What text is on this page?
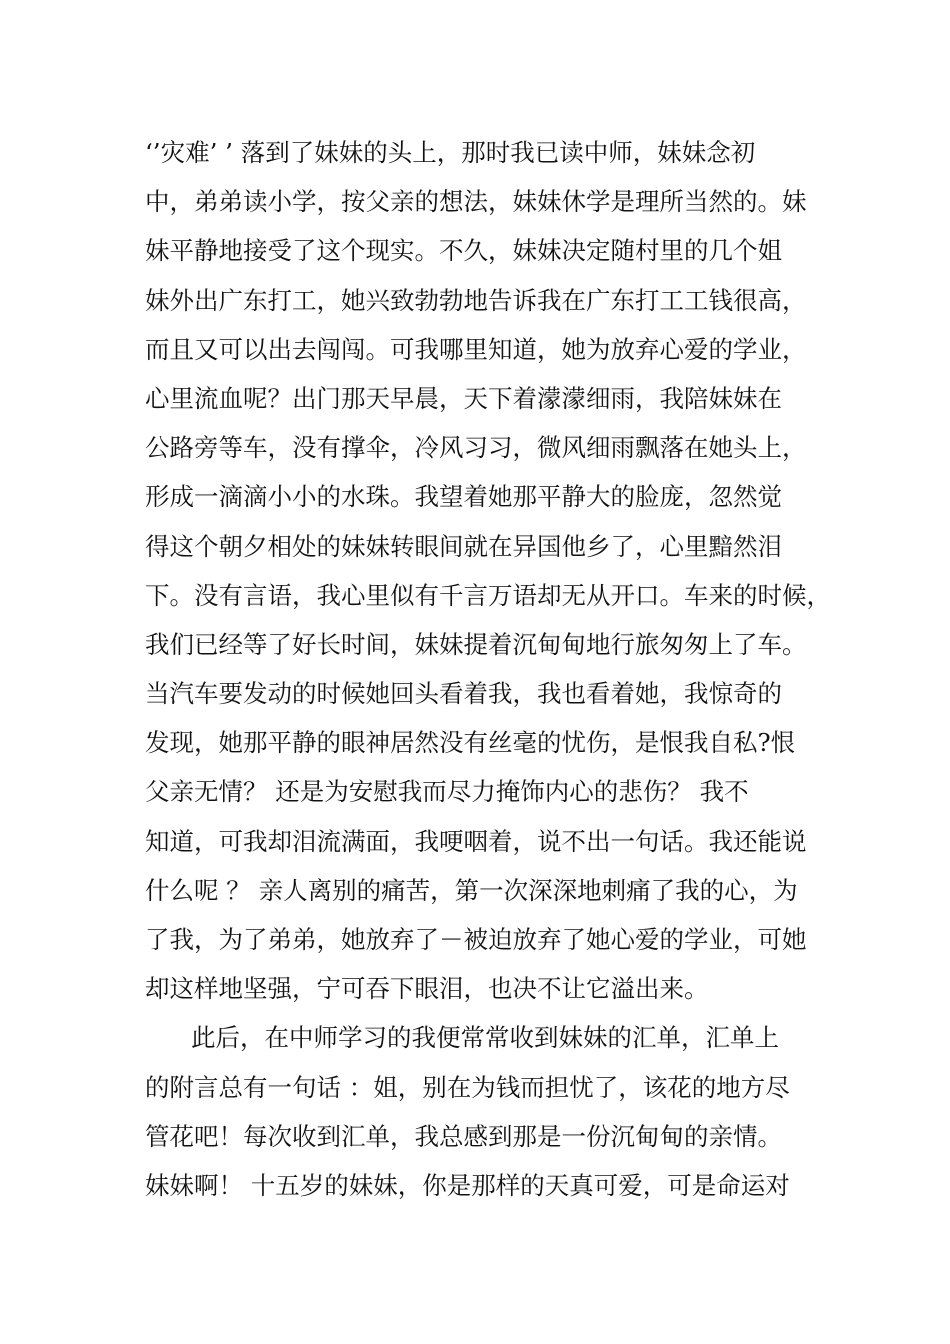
‘’灾难’ ’ 落到了妹妹的头上，那时我已读中师，妹妹念初
中，弟弟读小学，按父亲的想法，妹妹休学是理所当然的。妹
妹平静地接受了这个现实。不久，妹妹决定随村里的几个姐
妹外出广东打工，她兴致勃勃地告诉我在广东打工工钱很高，
而且又可以出去闯闯。可我哪里知道，她为放弃心爱的学业，
心里流血呢？出门那天早晨，天下着濛濛细雨，我陪妹妹在
公路旁等车，没有撑伞，冷风习习，微风细雨飘落在她头上，
形成一滴滴小小的水珠。我望着她那平静大的脸庞，忽然觉
得这个朝夕相处的妹妹转眼间就在异国他乡了，心里黯然泪
下。没有言语，我心里似有千言万语却无从开口。车来的时候，
我们已经等了好长时间，妹妹提着沉甸甸地行旅匆匆上了车。
当汽车要发动的时候她回头看着我，我也看着她，我惊奇的
发现，她那平静的眼神居然没有丝毫的忧伤，是恨我自私?恨
父亲无情？ 还是为安慰我而尽力掩饰内心的悲伤？ 我不
知道，可我却泪流满面，我哽咽着，说不出一句话。我还能说
什么呢 ？ 亲人离别的痛苦，第一次深深地刺痛了我的心，为
了我，为了弟弟，她放弃了－被迫放弃了她心爱的学业，可她
却这样地坚强，宁可吞下眼泪，也决不让它溢出来。
此后，在中师学习的我便常常收到妹妹的汇单，汇单上
的附言总有一句话 ：姐，别在为钱而担忧了，该花的地方尽
管花吧！每次收到汇单，我总感到那是一份沉甸甸的亲情。
妹妹啊！ 十五岁的妹妹，你是那样的天真可爱，可是命运对
